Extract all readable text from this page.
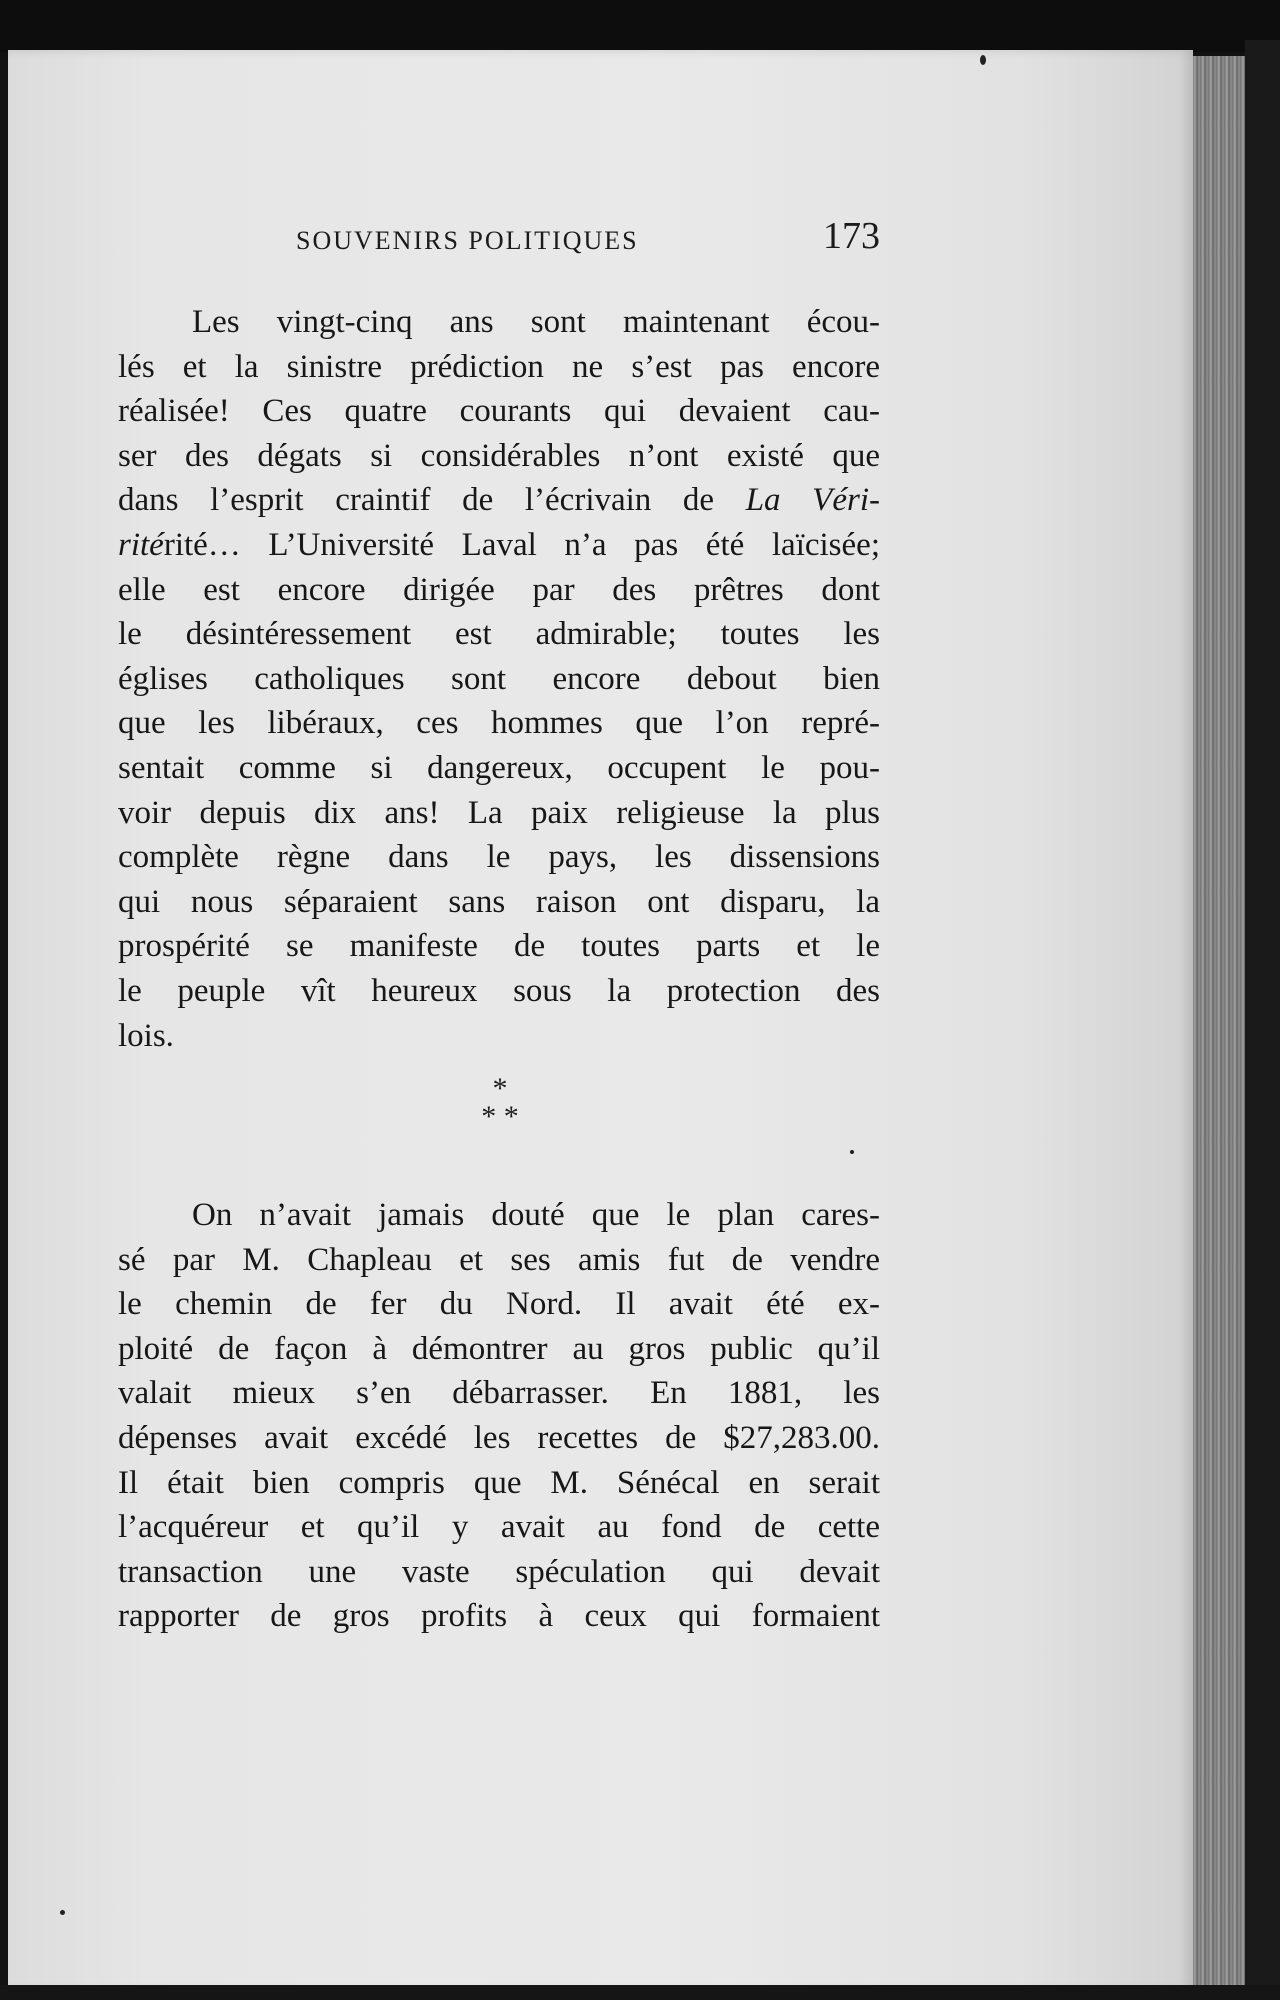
SOUVENIRS POLITIQUES	173
Les vingt-cinq ans sont maintenant écou-
lés et la sinistre prédiction ne s’est pas encore
réalisée! Ces quatre courants qui devaient cau-
ser des dégats si considérables n’ont existé que
dans l’esprit craintif de l’écrivain de La Véri-
ritérité… L’Université Laval n’a pas été laïcisée;
elle est encore dirigée par des prêtres dont
le désintéressement est admirable; toutes les
églises catholiques sont encore debout bien
que les libéraux, ces hommes que l’on repré-
sentait comme si dangereux, occupent le pou-
voir depuis dix ans! La paix religieuse la plus
complète règne dans le pays, les dissensions
qui nous séparaient sans raison ont disparu, la
prospérité se manifeste de toutes parts et le
le peuple vît heureux sous la protection des
lois.
*
* *
On n’avait jamais douté que le plan cares-
sé par M. Chapleau et ses amis fut de vendre
le chemin de fer du Nord. Il avait été ex-
ploité de façon à démontrer au gros public qu’il
valait mieux s’en débarrasser. En 1881, les
dépenses avait excédé les recettes de $27,283.00.
Il était bien compris que M. Sénécal en serait
l’acquéreur et qu’il y avait au fond de cette
transaction une vaste spéculation qui devait
rapporter de gros profits à ceux qui formaient
